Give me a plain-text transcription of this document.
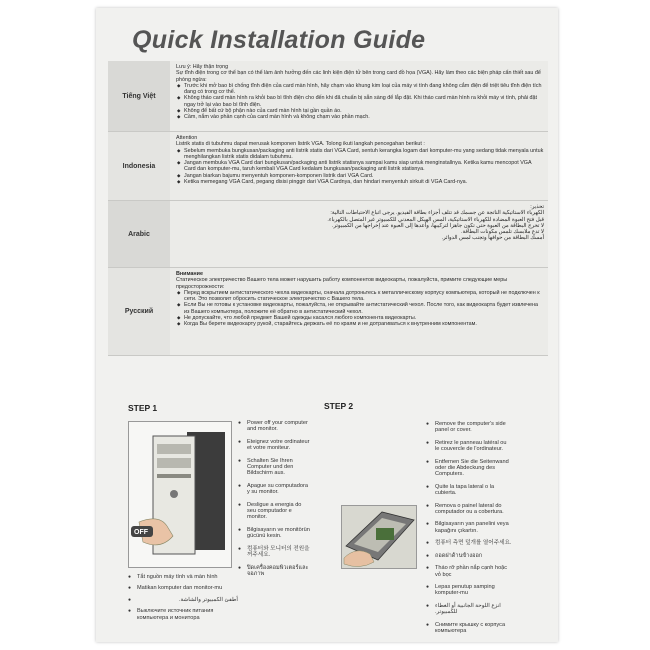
Quick Installation Guide
Tiếng Việt
Lưu ý: Hãy thận trọng
Sự tĩnh điện trong cơ thể bạn có thể làm ảnh hưởng đến các linh kiện điện tử bên trong card đồ họa (VGA). Hãy làm theo các biện pháp cẩn thiết sau để phòng ngừa:
◆ Trước khi mở bao bì chống tĩnh điện của card màn hình, hãy chạm vào khung kim loại của máy vi tính đang không cắm điện để triệt tiêu tĩnh điện tích đang có trong cơ thể.
◆ Không tháo card màn hình ra khỏi bao bì tĩnh điện cho đến khi đã chuẩn bị sẵn sàng để lắp đặt. Khi tháo card màn hình ra khỏi máy vi tính, phải đặt ngay trở lại vào bao bì tĩnh điện.
◆ Không để bất cứ bộ phận nào của card màn hình tại gần quần áo.
◆ Cầm, nắm vào phần cạnh của card màn hình và không chạm vào phần mạch.
Indonesia
Attention
Listrik statis di tubuhmu dapat merusak komponen listrik VGA. Tolong ikuti langkah pencegahan berikut :
◆ Sebelum membuka bungkusan/packaging anti listrik statis dari VGA Card, sentuh kerangka logam dari komputer-mu yang sedang tidak menyala untuk menghilangkan listrik statis didalam tubuhmu.
◆ Jangan membuka VGA Card dari bungkusan/packaging anti listrik statisnya sampai kamu siap untuk menginstallnya. Ketika kamu mencopot VGA Card dan komputer-mu, taruh kembali VGA Card kedalam bungkusan/packaging anti listrik statisnya.
◆ Jangan biarkan bajumu menyentuh komponen-komponen listrik dari VGA Card.
◆ Ketika memegang VGA Card, pegang disisi pinggir dari VGA Cardnya, dan hindari menyentuh sirkuit di VGA Card-nya.
Arabic
تحذير:
الكهرباء الاستاتيكية الناتجة عن جسمك قد تتلف أجزاء بطاقة الفيديو. يرجى اتباع الاحتياطات التالية:
قبل فتح العبوة المضادة للكهرباء الاستاتيكية، المس الهيكل المعدني للكمبيوتر غير المتصل بالكهرباء.
لا تخرج البطاقة من العبوة حتى تكون جاهزا لتركيبها، وأعدها إلى العبوة عند إخراجها من الكمبيوتر.
لا تدع ملابسك تلمس مكونات البطاقة.
أمسك البطاقة من حوافها وتجنب لمس الدوائر.
Русский
Внимание
Статическое электричество Вашего тела может нарушить работу компонентов видеокарты, пожалуйста, примите следующие меры предосторожности:
◆ Перед вскрытием антистатического чехла видеокарты, сначала дотроньтесь к металлическому корпусу компьютера, который не подключен к сети. Это позволит обросить статическое электричество с Вашего тела.
◆ Если Вы не готовы к установке видеокарты, пожалуйста, не открывайте антистатический чехол. После того, как видеокарта будет извлечена из Вашего компьютера, положите её обратно в антистатический чехол.
◆ Не допускайте, что любой предмет Вашей одежды касался любого компонента видеокарты.
◆ Когда Вы берете видеокарту рукой, старайтесь держать её по краям и не дотрагиваться к внутренним компонентам.
STEP 1
OFF
● Power off your computer and monitor.
● Eteignez votre ordinateur et votre moniteur.
● Schalten Sie Ihren Computer und den Bildschirm aus.
● Apague su computadora y su monitor.
● Desligue a energia do seu computador e monitor.
● Bilgisayarın ve monitörün gücünü kesin.
● 컴퓨터와 모니터의 전원을 꺼주세요.
● ปิดเครื่องคอมพิวเตอร์และ จอภาพ
● Tắt nguồn máy tính và màn hình
● Matikan komputer dan monitor-mu
● أطفئ الكمبيوتر والشاشة.
● Выключите источник питания компьютера и монитора
STEP 2
● Remove the computer's side panel or cover.
● Retirez le panneau latéral ou le couvercle de l'ordinateur.
● Entfernen Sie die Seitenwand oder die Abdeckung des Computers.
● Quite la tapa lateral o la cubierta.
● Remova o painel lateral do computador ou a cobertura.
● Bilgisayarın yan panelini veya kapağını çıkartın.
● 컴퓨터 측면 덮개를 열어주세요.
● ถอดฝาด้านข้างออก
● Tháo rỡ phần nắp cạnh hoặc vỏ bọc
● Lepas penutup samping komputer-mu
● انزع اللوحة الجانبية أو الغطاء للكمبيوتر.
● Снимите крышку с корпуса компьютера
